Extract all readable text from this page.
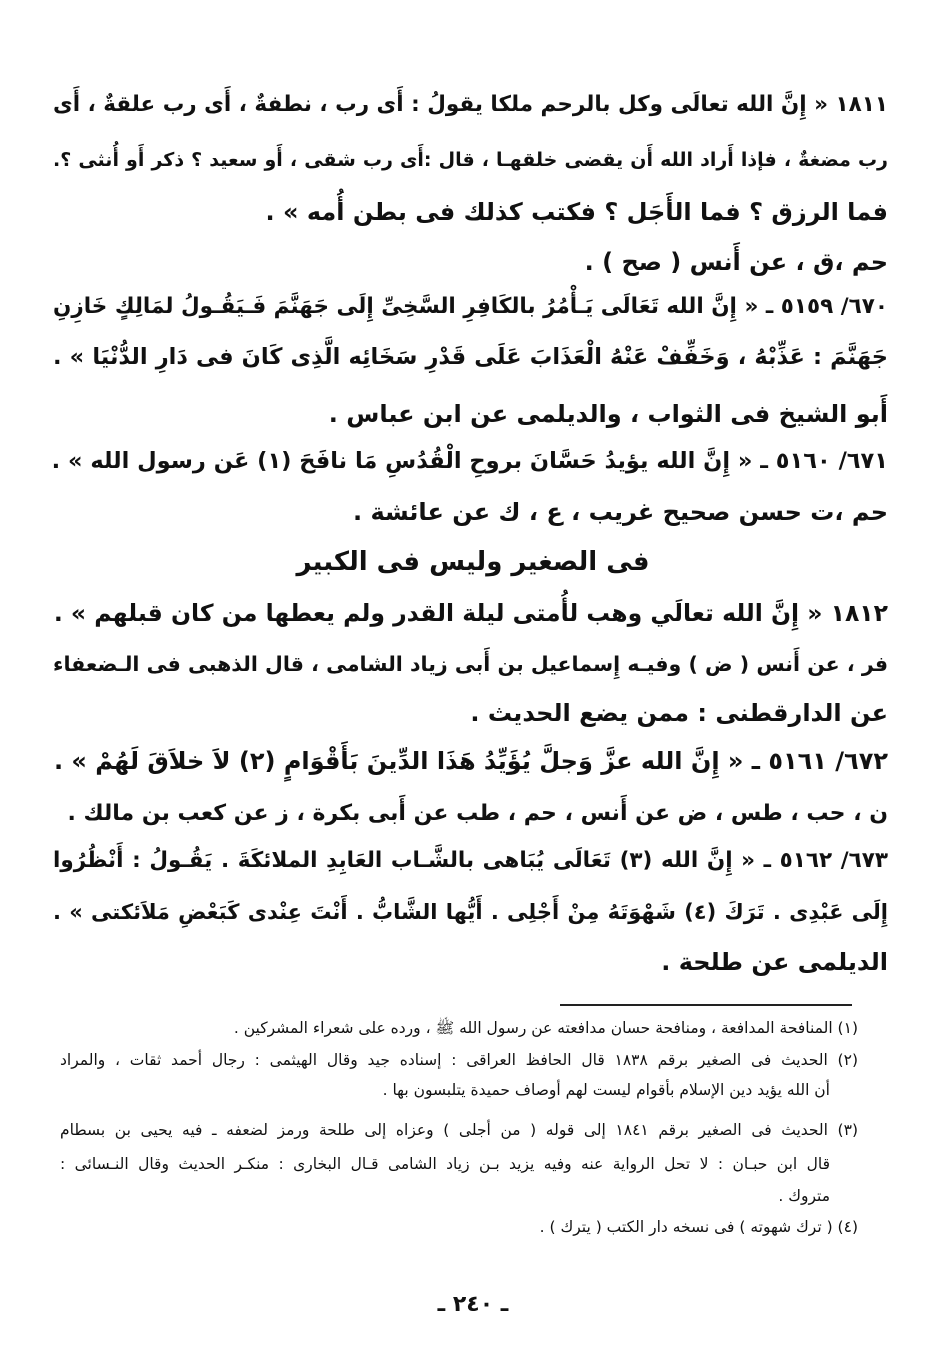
١٨١١ « إِنَّ الله تعالَى وكل بالرحم ملكا يقولُ : أَى رب ، نطفةٌ ، أَى رب علقةٌ ، أَى
رب مضغةٌ ، فإذا أَراد الله أَن يقضى خلقهـا ، قال :أَى رب شقى ، أَو سعيد ؟ ذكر أَو أُنثى ؟.
فما الرزق ؟ فما الأَجَل ؟ فكتب كذلك فى بطن أُمه » .
حم ،ق ، عن أَنس ( صح ) .
٦٧٠/ ٥١٥٩ ـ « إِنَّ الله تَعَالَى يَـأْمُرُ بالكَافِرِ السَّخِىِّ إِلَى جَهَنَّمَ فَـيَقُـولُ لمَالِكٍ خَازِنِ
جَهَنَّمَ : عَذِّبْهُ ، وَخَفِّفْ عَنْهُ الْعَذَابَ عَلَى قَدْرِ سَخَائِه الَّذِى كَانَ فى دَارِ الدُّنْيَا » .
أَبو الشيخ فى الثواب ، والديلمى عن ابن عباس .
٦٧١/ ٥١٦٠ ـ « إِنَّ الله يؤيدُ حَسَّانَ بروحِ الْقُدُسِ مَا نافَحَ (١) عَن رسول الله » .
حم ،ت حسن صحيح غريب ، ع ، ك عن عائشة .
فى الصغير وليس فى الكبير
١٨١٢ « إِنَّ الله تعالَي وهب لأُمتى ليلة القدر ولم يعطها من كان قبلهم » .
فر ، عن أَنس ( ض ) وفيـه إِسماعيل بن أَبى زياد الشامى ، قال الذهبى فى الـضعفاء
عن الدارقطنى : ممن يضع الحديث .
٦٧٢/ ٥١٦١ ـ « إِنَّ الله عزَّ وَجلَّ يُؤَيِّدُ هَذَا الدِّينَ بَأَقْوَامٍ (٢) لاَ خلاَقَ لَهُمْ » .
ن ، حب ، طس ، ض عن أَنس ، حم ، طب عن أَبى بكرة ، ز عن كعب بن مالك .
٦٧٣/ ٥١٦٢ ـ « إِنَّ الله (٣) تَعَالَى يُبَاهى بالشَّـاب العَابِدِ الملائكَةَ . يَقُـولُ : أَنْظُرُوا
إِلَى عَبْدِى . تَرَكَ (٤) شَهْوَتَهُ مِنْ أَجْلِى . أَيُّها الشَّابُّ . أَنْتَ عِنْدى كَبَعْضِ مَلاَئكتى » .
الديلمى عن طلحة .
(١) المنافحة المدافعة ، ومنافحة حسان مدافعته عن رسول الله ﷺ ، ورده على شعراء المشركين .
(٢) الحديث فى الصغير برقم ١٨٣٨ قال الحافظ العراقى : إسناده جيد وقال الهيثمى : رجال أحمد ثقات ، والمراد
أن الله يؤيد دين الإسلام بأقوام ليست لهم أوصاف حميدة يتلبسون بها .
(٣) الحديث فى الصغير برقم ١٨٤١ إلى قوله ( من أجلى ) وعزاه إلى طلحة ورمز لضعفه ـ فيه يحيى بن بسطام
قال ابن حبـان : لا تحل الرواية عنه وفيه يزيد بـن زياد الشامى قـال البخارى : منكـر الحديث وقال النـسائى :
متروك .
(٤) ( ترك شهوته ) فى نسخه دار الكتب ( يترك ) .
ـ ٢٤٠ ـ
